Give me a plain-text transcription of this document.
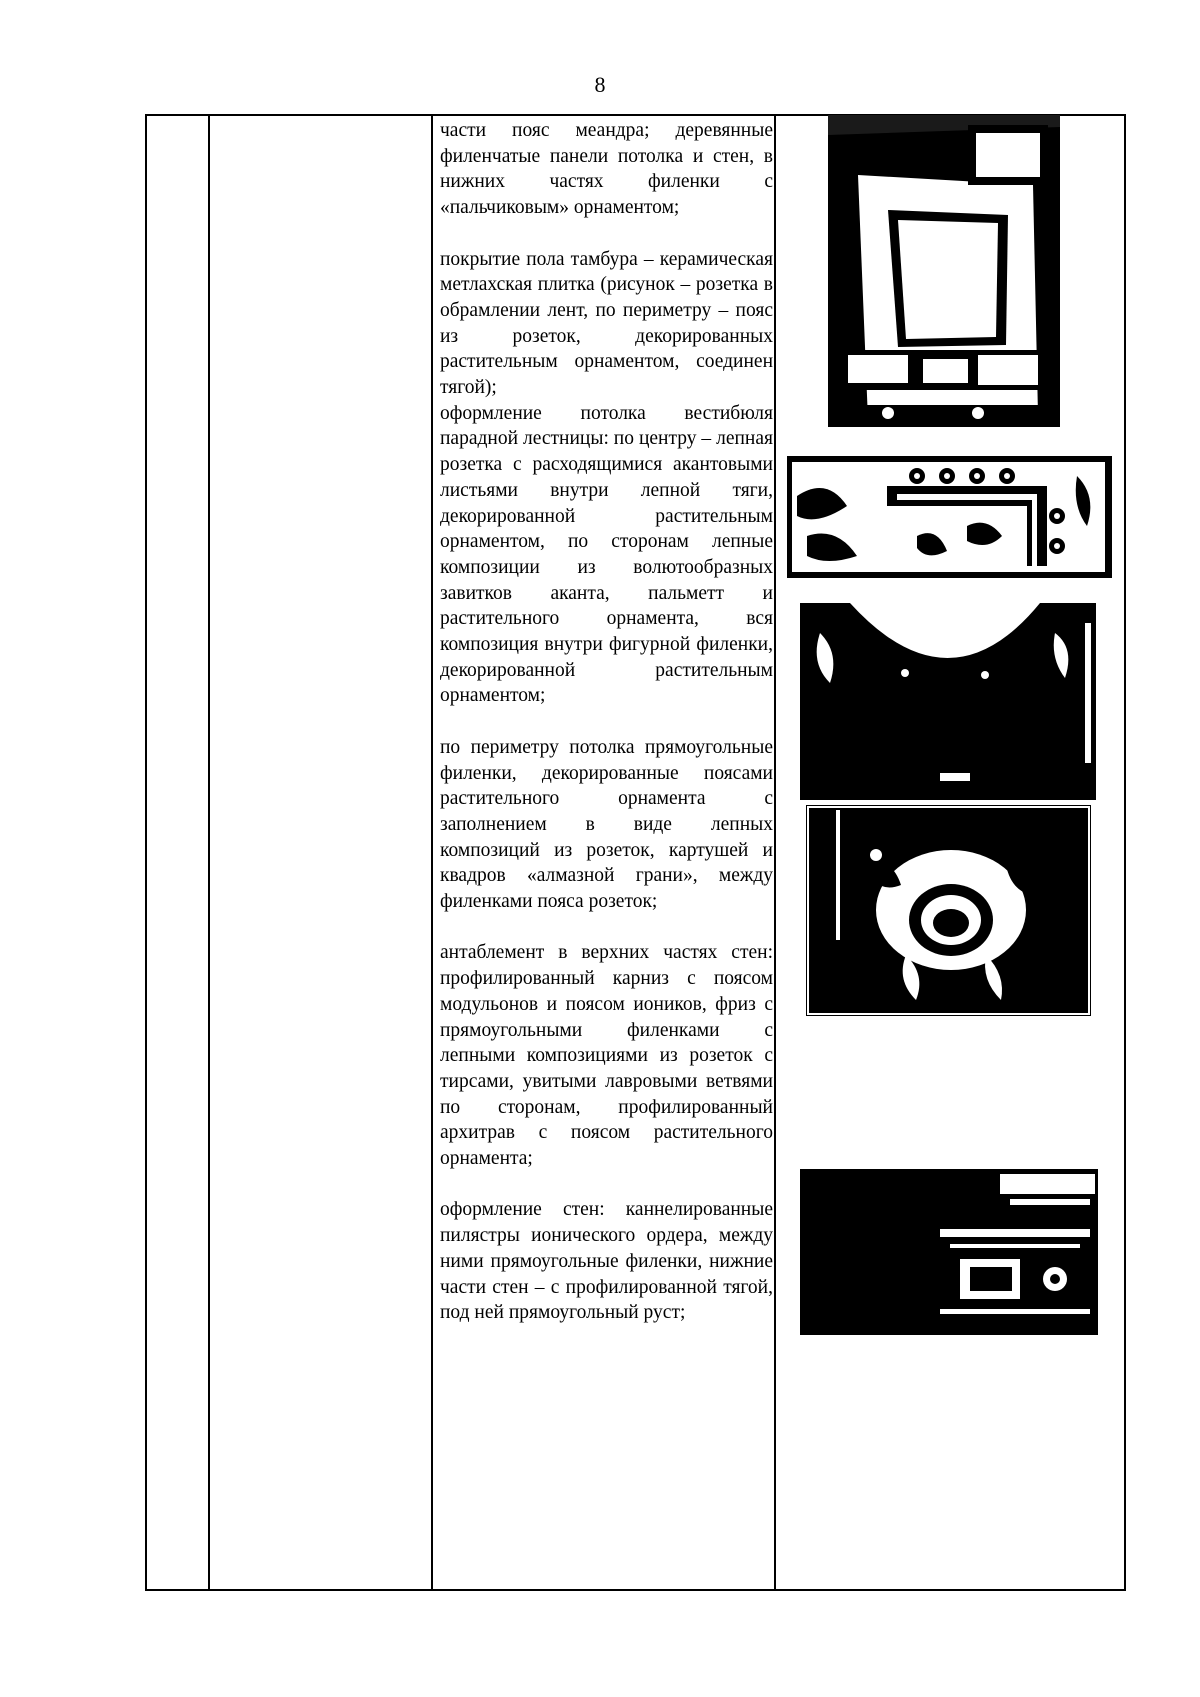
8

части пояс меандра; деревянные филенчатые панели потолка и стен, в нижних частях филенки с «пальчиковым» орнаментом;

покрытие пола тамбура – керамическая метлахская плитка (рисунок – розетка в обрамлении лент, по периметру – пояс из розеток, декорированных растительным орнаментом, соединен тягой);

оформление потолка вестибюля парадной лестницы: по центру – лепная розетка с расходящимися акантовыми листьями внутри лепной тяги, декорированной растительным орнаментом, по сторонам лепные композиции из волютообразных завитков аканта, пальметт и растительного орнамента, вся композиция внутри фигурной филенки, декорированной растительным орнаментом;

по периметру потолка прямоугольные филенки, декорированные поясами растительного орнамента с заполнением в виде лепных композиций из розеток, картушей и квадров «алмазной грани», между филенками пояса розеток;

антаблемент в верхних частях стен: профилированный карниз с поясом модульонов и поясом иоников, фриз с прямоугольными филенками с лепными композициями из розеток с тирсами, увитыми лавровыми ветвями по сторонам, профилированный архитрав с поясом растительного орнамента;

оформление стен: каннелированные пилястры ионического ордера, между ними прямоугольные филенки, нижние части стен – с профилированной тягой, под ней прямоугольный руст;
